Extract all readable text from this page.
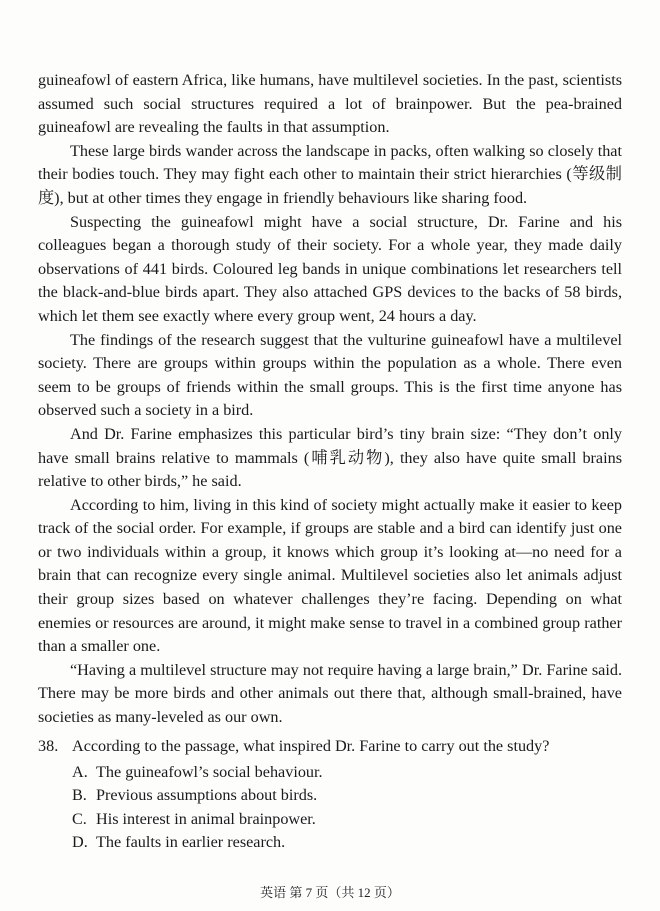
guineafowl of eastern Africa, like humans, have multilevel societies. In the past, scientists assumed such social structures required a lot of brainpower. But the pea-brained guineafowl are revealing the faults in that assumption.

These large birds wander across the landscape in packs, often walking so closely that their bodies touch. They may fight each other to maintain their strict hierarchies (等级制度), but at other times they engage in friendly behaviours like sharing food.

Suspecting the guineafowl might have a social structure, Dr. Farine and his colleagues began a thorough study of their society. For a whole year, they made daily observations of 441 birds. Coloured leg bands in unique combinations let researchers tell the black-and-blue birds apart. They also attached GPS devices to the backs of 58 birds, which let them see exactly where every group went, 24 hours a day.

The findings of the research suggest that the vulturine guineafowl have a multilevel society. There are groups within groups within the population as a whole. There even seem to be groups of friends within the small groups. This is the first time anyone has observed such a society in a bird.

And Dr. Farine emphasizes this particular bird’s tiny brain size: “They don’t only have small brains relative to mammals (哺乳动物), they also have quite small brains relative to other birds,” he said.

According to him, living in this kind of society might actually make it easier to keep track of the social order. For example, if groups are stable and a bird can identify just one or two individuals within a group, it knows which group it’s looking at—no need for a brain that can recognize every single animal. Multilevel societies also let animals adjust their group sizes based on whatever challenges they’re facing. Depending on what enemies or resources are around, it might make sense to travel in a combined group rather than a smaller one.

“Having a multilevel structure may not require having a large brain,” Dr. Farine said. There may be more birds and other animals out there that, although small-brained, have societies as many-leveled as our own.

38. According to the passage, what inspired Dr. Farine to carry out the study?

A. The guineafowl’s social behaviour.
B. Previous assumptions about birds.
C. His interest in animal brainpower.
D. The faults in earlier research.
英语 第 7 页（共 12 页）
